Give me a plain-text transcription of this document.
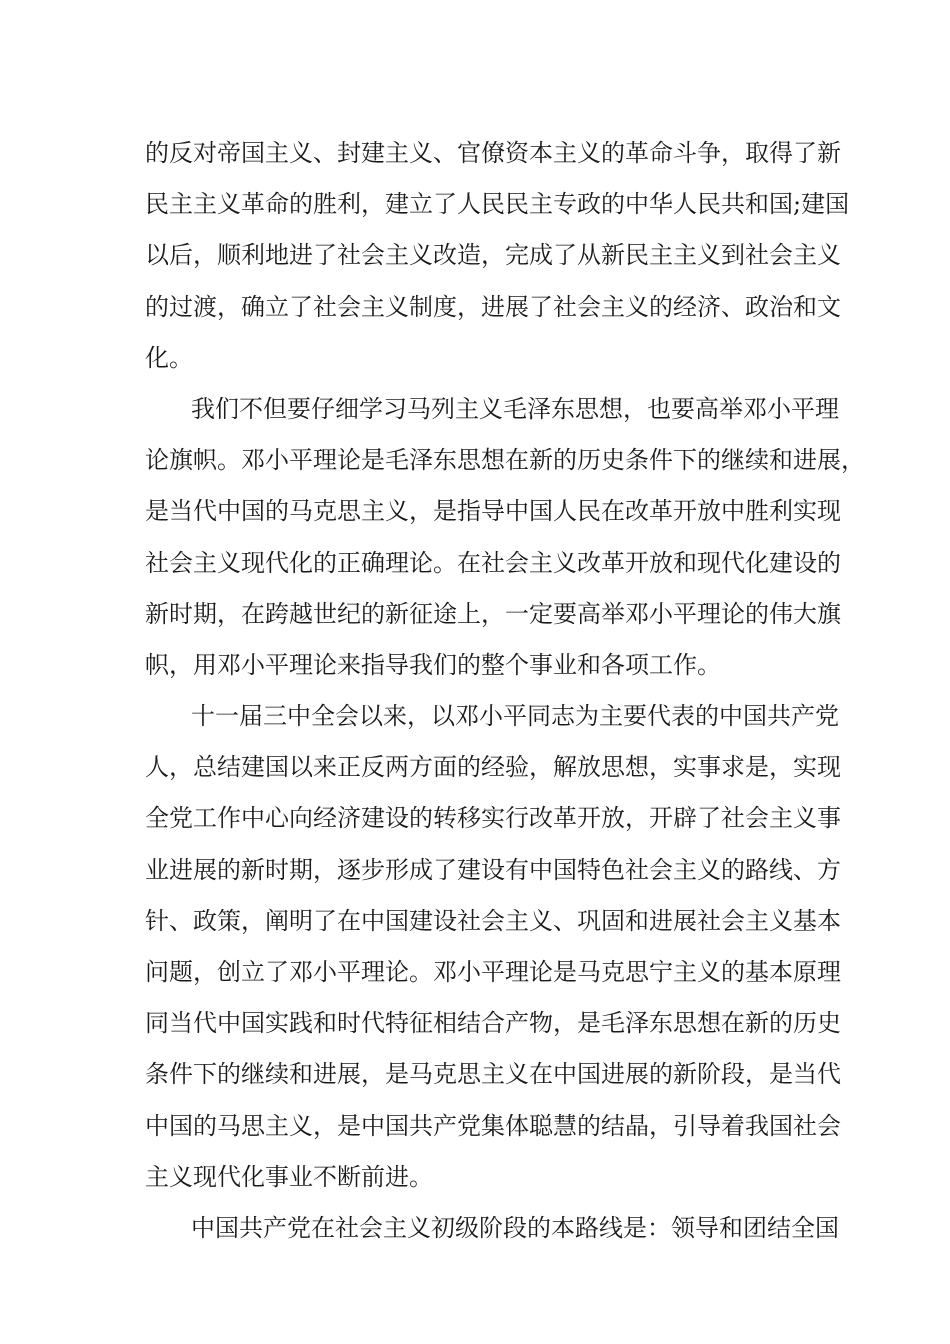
的反对帝国主义、封建主义、官僚资本主义的革命斗争，取得了新
民主主义革命的胜利，建立了人民民主专政的中华人民共和国;建国
以后，顺利地进了社会主义改造，完成了从新民主主义到社会主义
的过渡，确立了社会主义制度，进展了社会主义的经济、政治和文
化。
我们不但要仔细学习马列主义毛泽东思想，也要高举邓小平理
论旗帜。邓小平理论是毛泽东思想在新的历史条件下的继续和进展，
是当代中国的马克思主义，是指导中国人民在改革开放中胜利实现
社会主义现代化的正确理论。在社会主义改革开放和现代化建设的
新时期，在跨越世纪的新征途上，一定要高举邓小平理论的伟大旗
帜，用邓小平理论来指导我们的整个事业和各项工作。
十一届三中全会以来，以邓小平同志为主要代表的中国共产党
人，总结建国以来正反两方面的经验，解放思想，实事求是，实现
全党工作中心向经济建设的转移实行改革开放，开辟了社会主义事
业进展的新时期，逐步形成了建设有中国特色社会主义的路线、方
针、政策，阐明了在中国建设社会主义、巩固和进展社会主义基本
问题，创立了邓小平理论。邓小平理论是马克思宁主义的基本原理
同当代中国实践和时代特征相结合产物，是毛泽东思想在新的历史
条件下的继续和进展，是马克思主义在中国进展的新阶段，是当代
中国的马思主义，是中国共产党集体聪慧的结晶，引导着我国社会
主义现代化事业不断前进。
中国共产党在社会主义初级阶段的本路线是：领导和团结全国
